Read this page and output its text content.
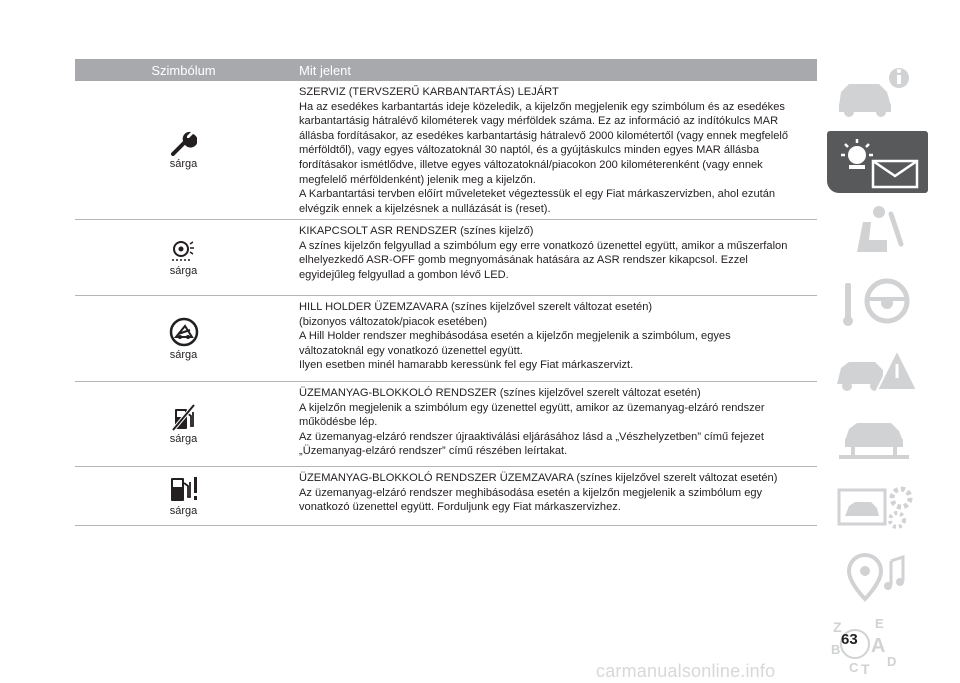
Szimbólum	Mit jelent
sárga
SZERVIZ (TERVSZERŰ KARBANTARTÁS) LEJÁRT
Ha az esedékes karbantartás ideje közeledik, a kijelzőn megjelenik egy szimbólum és az esedékes
karbantartásig hátralévő kilométerek vagy mérföldek száma. Ez az információ az indítókulcs MAR
állásba fordításakor, az esedékes karbantartásig hátralevő 2000 kilométertől (vagy ennek megfelelő
mérföldtől), vagy egyes változatoknál 30 naptól, és a gyújtáskulcs minden egyes MAR állásba
fordításakor ismétlődve, illetve egyes változatoknál/piacokon 200 kilométerenként (vagy ennek
megfelelő mérföldenként) jelenik meg a kijelzőn.
A Karbantartási tervben előírt műveleteket végeztessük el egy Fiat márkaszervizben, ahol ezután
elvégzik ennek a kijelzésnek a nullázását is (reset).
sárga
KIKAPCSOLT ASR RENDSZER (színes kijelző)
A színes kijelzőn felgyullad a szimbólum egy erre vonatkozó üzenettel együtt, amikor a műszerfalon
elhelyezkedő ASR-OFF gomb megnyomásának hatására az ASR rendszer kikapcsol. Ezzel
egyidejűleg felgyullad a gombon lévő LED.
sárga
HILL HOLDER ÜZEMZAVARA (színes kijelzővel szerelt változat esetén)
(bizonyos változatok/piacok esetében)
A Hill Holder rendszer meghibásodása esetén a kijelzőn megjelenik a szimbólum, egyes
változatoknál egy vonatkozó üzenettel együtt.
Ilyen esetben minél hamarabb keressünk fel egy Fiat márkaszervizt.
sárga
ÜZEMANYAG-BLOKKOLÓ RENDSZER (színes kijelzővel szerelt változat esetén)
A kijelzőn megjelenik a szimbólum egy üzenettel együtt, amikor az üzemanyag-elzáró rendszer
működésbe lép.
Az üzemanyag-elzáró rendszer újraaktiválási eljárásához lásd a „Vészhelyzetben” című fejezet
„Üzemanyag-elzáró rendszer” című részében leírtakat.
sárga
ÜZEMANYAG-BLOKKOLÓ RENDSZER ÜZEMZAVARA (színes kijelzővel szerelt változat esetén)
Az üzemanyag-elzáró rendszer meghibásodása esetén a kijelzőn megjelenik a szimbólum egy
vonatkozó üzenettel együtt. Forduljunk egy Fiat márkaszervizhez.
Z	E
B A
C T D
63
carmanualsonline.info
